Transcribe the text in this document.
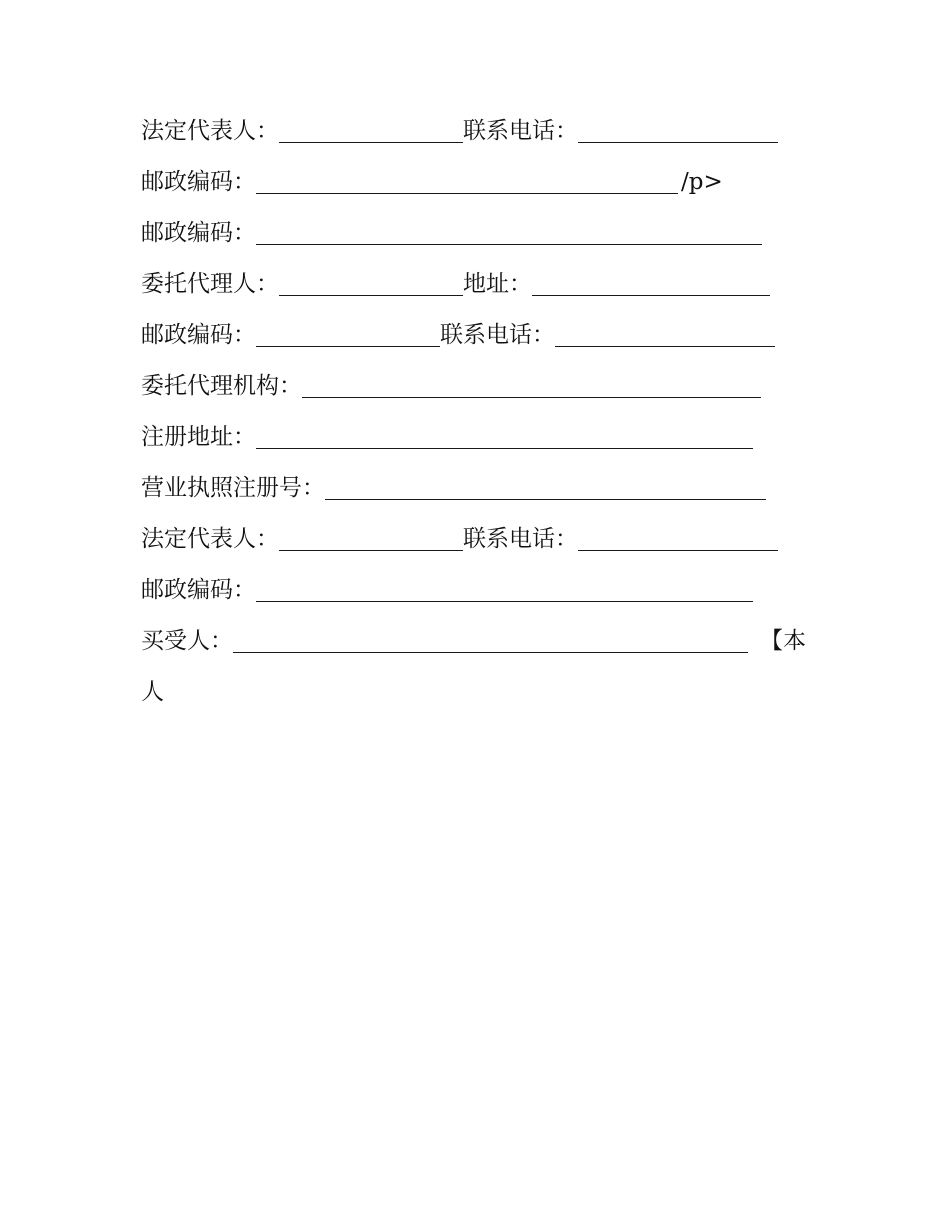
法定代表人：	联系电话：
邮政编码：	/p>
邮政编码：
委托代理人：	地址：
邮政编码：	联系电话：
委托代理机构：
注册地址：
营业执照注册号：
法定代表人：	联系电话：
邮政编码：
买受人：	【本
人
